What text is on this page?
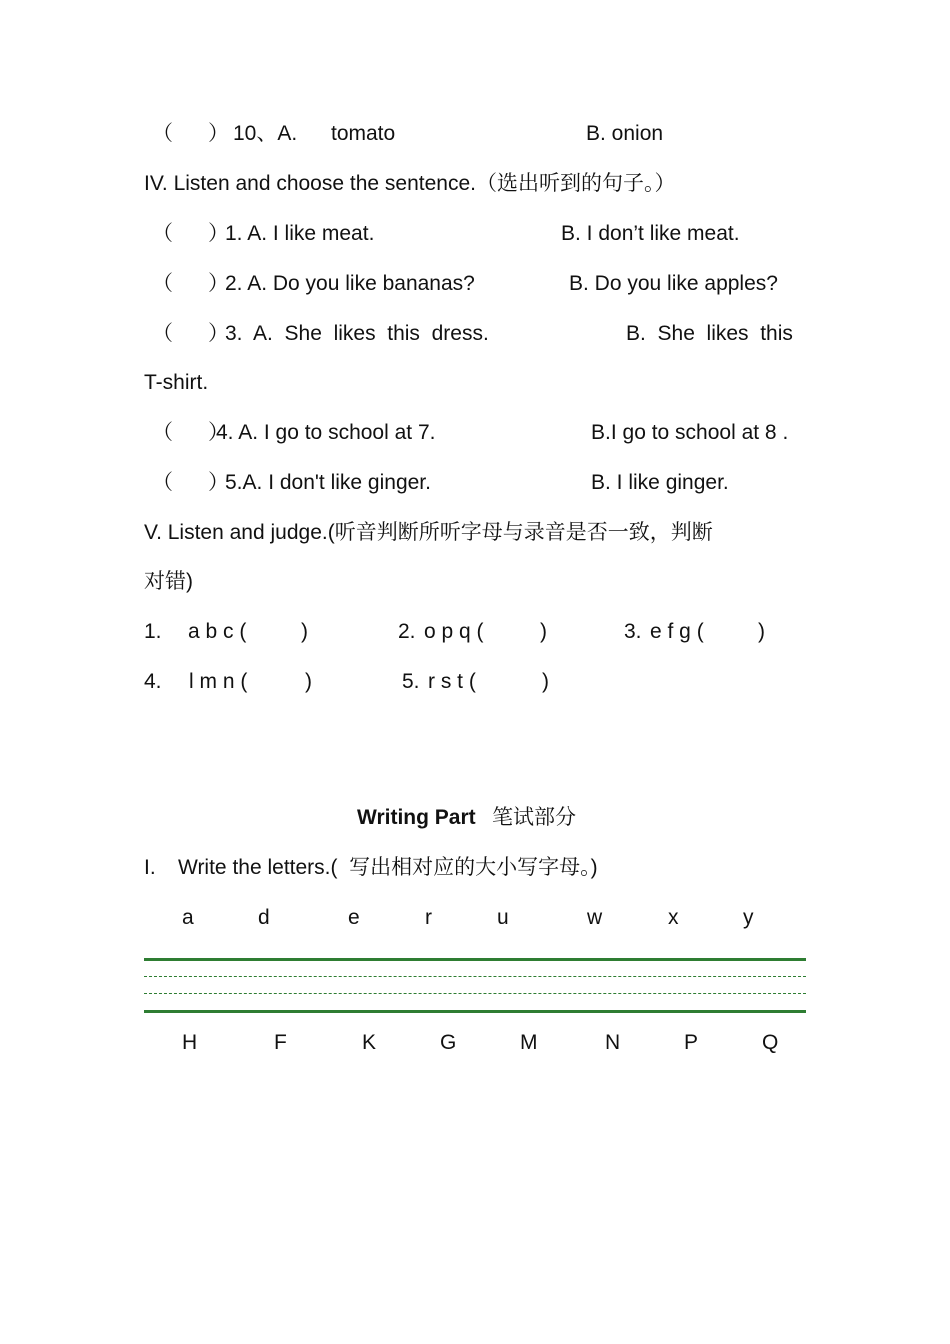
（      ） 10、A. tomato	B. onion
IV. Listen and choose the sentence.（选出听到的句子。）
（      ）
1. A. I like meat.	B. I don’t like meat.
（      ）
2. A. Do you like bananas?	B. Do you like apples?
（      ）
3.  A.  She  likes  this  dress.	B.  She  likes  this
T-shirt.
（      ）
4. A. I go to school at 7.	B.I go to school at 8 .
（      ）
5.A. I don't like ginger.	B. I like ginger.
V. Listen and judge.(听音判断所听字母与录音是否一致，判断
对错)
1. a b c (	)	2. o p q (	)	3. e f g (	)
4. l m n (	)	5. r s t (	)
Writing Part 笔试部分
I. Write the letters.(  写出相对应的大小写字母。)
a	d	e	r	u	w	x	y
H	F	K	G	M	N	P	Q
